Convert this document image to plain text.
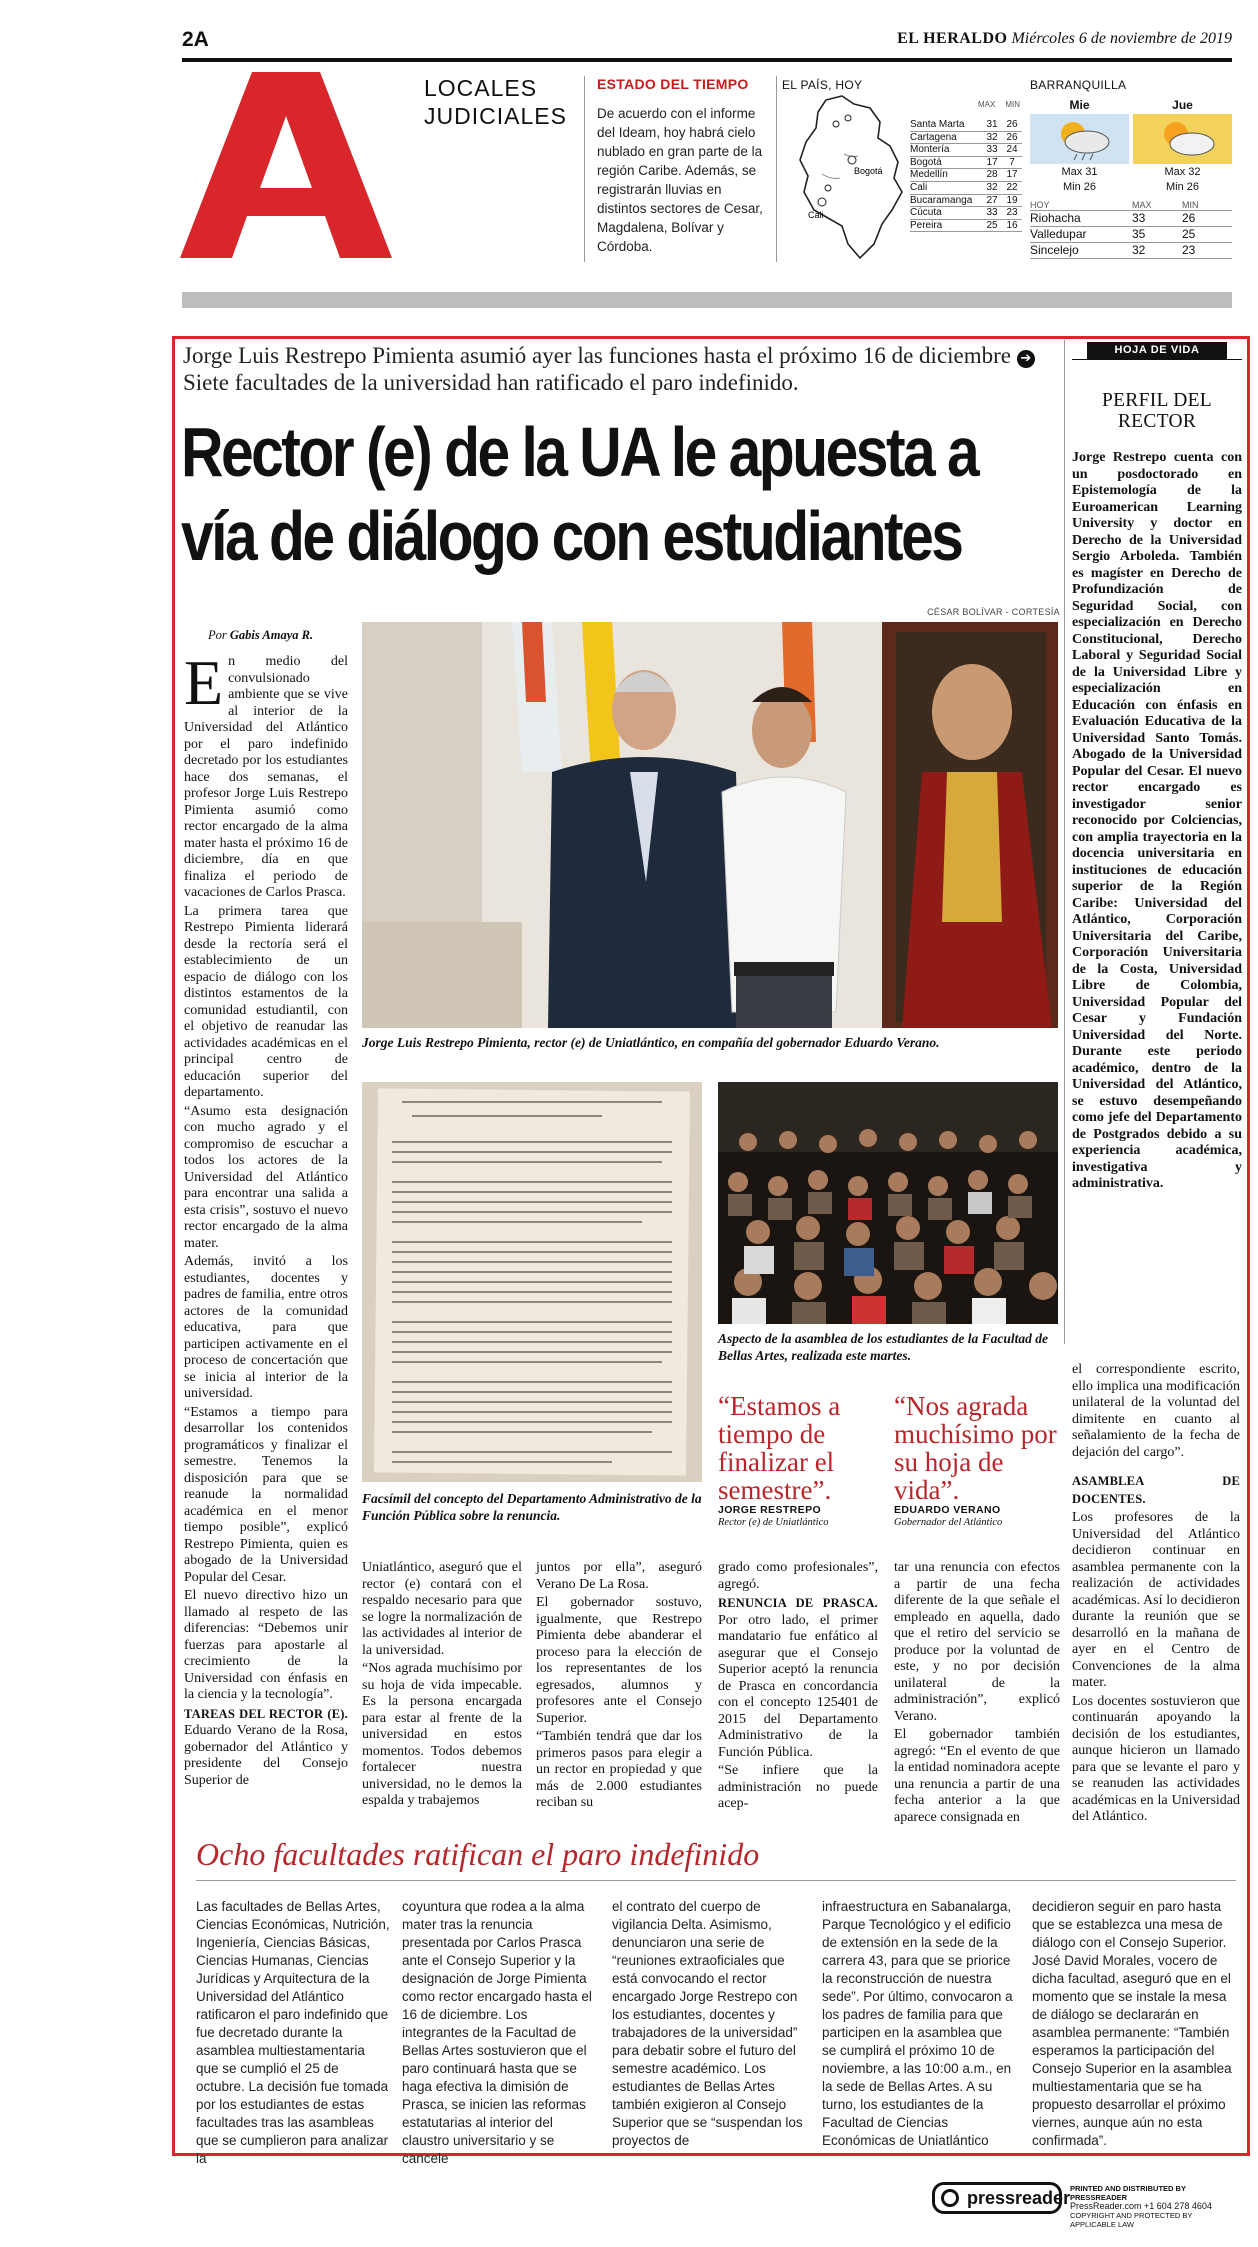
2A	EL HERALDO Miércoles 6 de noviembre de 2019
LOCALES
JUDICIALES
ESTADO DEL TIEMPO

De acuerdo con el informe del Ideam, hoy habrá cielo nublado en gran parte de la región Caribe. Además, se registrarán lluvias en distintos sectores de Cesar, Magdalena, Bolívar y Córdoba.

EL PAÍS, HOY
Bogotá
Cali
MAX MIN
Santa Marta	31 26
Cartagena	32 26
Montería	33 24
Bogotá	17	7
Medellín	28 17
Cali	32 22
Bucaramanga	27 19
Cúcuta	33 23
Pereira	25 16
BARRANQUILLA
Mie
Max 31
Min 26
Jue
Max 32
Min 26
HOY	MAX	MIN
Riohacha	33	26
Valledupar	35	25
Sincelejo	32	23
Jorge Luis Restrepo Pimienta asumió ayer las funciones hasta el próximo 16 de diciembre ➔ Siete facultades de la universidad han ratificado el paro indefinido.
Rector (e) de la UA le apuesta a
vía de diálogo con estudiantes
CÉSAR BOLÍVAR - CORTESÍA
Por Gabis Amaya R.

En medio del convulsionado ambiente que se vive al interior de la Universidad del Atlántico por el paro indefinido decretado por los estudiantes hace dos semanas, el profesor Jorge Luis Restrepo Pimienta asumió como rector encargado de la alma mater hasta el próximo 16 de diciembre, día en que finaliza el periodo de vacaciones de Carlos Prasca.

La primera tarea que Restrepo Pimienta liderará desde la rectoría será el establecimiento de un espacio de diálogo con los distintos estamentos de la comunidad estudiantil, con el objetivo de reanudar las actividades académicas en el principal centro de educación superior del departamento.

“Asumo esta designación con mucho agrado y el compromiso de escuchar a todos los actores de la Universidad del Atlántico para encontrar una salida a esta crisis”, sostuvo el nuevo rector encargado de la alma mater.

Además, invitó a los estudiantes, docentes y padres de familia, entre otros actores de la comunidad educativa, para que participen activamente en el proceso de concertación que se inicia al interior de la universidad.

“Estamos a tiempo para desarrollar los contenidos programáticos y finalizar el semestre. Tenemos la disposición para que se reanude la normalidad académica en el menor tiempo posible”, explicó Restrepo Pimienta, quien es abogado de la Universidad Popular del Cesar.

El nuevo directivo hizo un llamado al respeto de las diferencias: “Debemos unir fuerzas para apostarle al crecimiento de la Universidad con énfasis en la ciencia y la tecnología”.

TAREAS DEL RECTOR (E). Eduardo Verano de la Rosa, gobernador del Atlántico y presidente del Consejo Superior de

Jorge Luis Restrepo Pimienta, rector (e) de Uniatlántico, en compañía del gobernador Eduardo Verano.
Facsímil del concepto del Departamento Administrativo de la Función Pública sobre la renuncia.
Aspecto de la asamblea de los estudiantes de la Facultad de Bellas Artes, realizada este martes.
“Estamos a tiempo de finalizar el semestre”.
JORGE RESTREPO
Rector (e) de Uniatlántico
“Nos agrada muchísimo por su hoja de vida”.
EDUARDO VERANO
Gobernador del Atlántico

Uniatlántico, aseguró que el rector (e) contará con el respaldo necesario para que se logre la normalización de las actividades al interior de la universidad.

“Nos agrada muchísimo por su hoja de vida impecable. Es la persona encargada para estar al frente de la universidad en estos momentos. Todos debemos fortalecer nuestra universidad, no le demos la espalda y trabajemos

juntos por ella”, aseguró Verano De La Rosa.

El gobernador sostuvo, igualmente, que Restrepo Pimienta debe abanderar el proceso para la elección de los representantes de los egresados, alumnos y profesores ante el Consejo Superior.

“También tendrá que dar los primeros pasos para elegir a un rector en propiedad y que más de 2.000 estudiantes reciban su

grado como profesionales”, agregó.

RENUNCIA DE PRASCA. Por otro lado, el primer mandatario fue enfático al asegurar que el Consejo Superior aceptó la renuncia de Prasca en concordancia con el concepto 125401 de 2015 del Departamento Administrativo de la Función Pública.

“Se infiere que la administración no puede acep-

tar una renuncia con efectos a partir de una fecha diferente de la que señale el empleado en aquella, dado que el retiro del servicio se produce por la voluntad de este, y no por decisión unilateral de la administración”, explicó Verano.

El gobernador también agregó: “En el evento de que la entidad nominadora acepte una renuncia a partir de una fecha anterior a la que aparece consignada en

el correspondiente escrito, ello implica una modificación unilateral de la voluntad del dimitente en cuanto al señalamiento de la fecha de dejación del cargo”.

ASAMBLEA DE DOCENTES.

Los profesores de la Universidad del Atlántico decidieron continuar en asamblea permanente con la realización de actividades académicas. Así lo decidieron durante la reunión que se desarrolló en la mañana de ayer en el Centro de Convenciones de la alma mater.

Los docentes sostuvieron que continuarán apoyando la decisión de los estudiantes, aunque hicieron un llamado para que se levante el paro y se reanuden las actividades académicas en la Universidad del Atlántico.

HOJA DE VIDA
PERFIL DEL
RECTOR
Jorge Restrepo cuenta con un posdoctorado en Epistemología de la Euroamerican Learning University y doctor en Derecho de la Universidad Sergio Arboleda. También es magíster en Derecho de Profundización de Seguridad Social, con especialización en Derecho Constitucional, Derecho Laboral y Seguridad Social de la Universidad Libre y especialización en Educación con énfasis en Evaluación Educativa de la Universidad Santo Tomás. Abogado de la Universidad Popular del Cesar. El nuevo rector encargado es investigador senior reconocido por Colciencias, con amplia trayectoria en la docencia universitaria en instituciones de educación superior de la Región Caribe: Universidad del Atlántico, Corporación Universitaria del Caribe, Corporación Universitaria de la Costa, Universidad Libre de Colombia, Universidad Popular del Cesar y Fundación Universidad del Norte. Durante este periodo académico, dentro de la Universidad del Atlántico, se estuvo desempeñando como jefe del Departamento de Postgrados debido a su experiencia académica, investigativa y administrativa.
Ocho facultades ratifican el paro indefinido
Las facultades de Bellas Artes, Ciencias Económicas, Nutrición, Ingeniería, Ciencias Básicas, Ciencias Humanas, Ciencias Jurídicas y Arquitectura de la Universidad del Atlántico ratificaron el paro indefinido que fue decretado durante la asamblea multiestamentaria que se cumplió el 25 de octubre. La decisión fue tomada por los estudiantes de estas facultades tras las asambleas que se cumplieron para analizar la
coyuntura que rodea a la alma mater tras la renuncia presentada por Carlos Prasca ante el Consejo Superior y la designación de Jorge Pimienta como rector encargado hasta el 16 de diciembre. Los integrantes de la Facultad de Bellas Artes sostuvieron que el paro continuará hasta que se haga efectiva la dimisión de Prasca, se inicien las reformas estatutarias al interior del claustro universitario y se cancele
el contrato del cuerpo de vigilancia Delta. Asimismo, denunciaron una serie de “reuniones extraoficiales que está convocando el rector encargado Jorge Restrepo con los estudiantes, docentes y trabajadores de la universidad” para debatir sobre el futuro del semestre académico. Los estudiantes de Bellas Artes también exigieron al Consejo Superior que se “suspendan los proyectos de
infraestructura en Sabanalarga, Parque Tecnológico y el edificio de extensión en la sede de la carrera 43, para que se priorice la reconstrucción de nuestra sede”. Por último, convocaron a los padres de familia para que participen en la asamblea que se cumplirá el próximo 10 de noviembre, a las 10:00 a.m., en la sede de Bellas Artes. A su turno, los estudiantes de la Facultad de Ciencias Económicas de Uniatlántico
decidieron seguir en paro hasta que se establezca una mesa de diálogo con el Consejo Superior. José David Morales, vocero de dicha facultad, aseguró que en el momento que se instale la mesa de diálogo se declararán en asamblea permanente: “También esperamos la participación del Consejo Superior en la asamblea multiestamentaria que se ha propuesto desarrollar el próximo viernes, aunque aún no esta confirmada”.
pressreader PRINTED AND DISTRIBUTED BY PRESSREADER
PressReader.com +1 604 278 4604
COPYRIGHT AND PROTECTED BY APPLICABLE LAW
